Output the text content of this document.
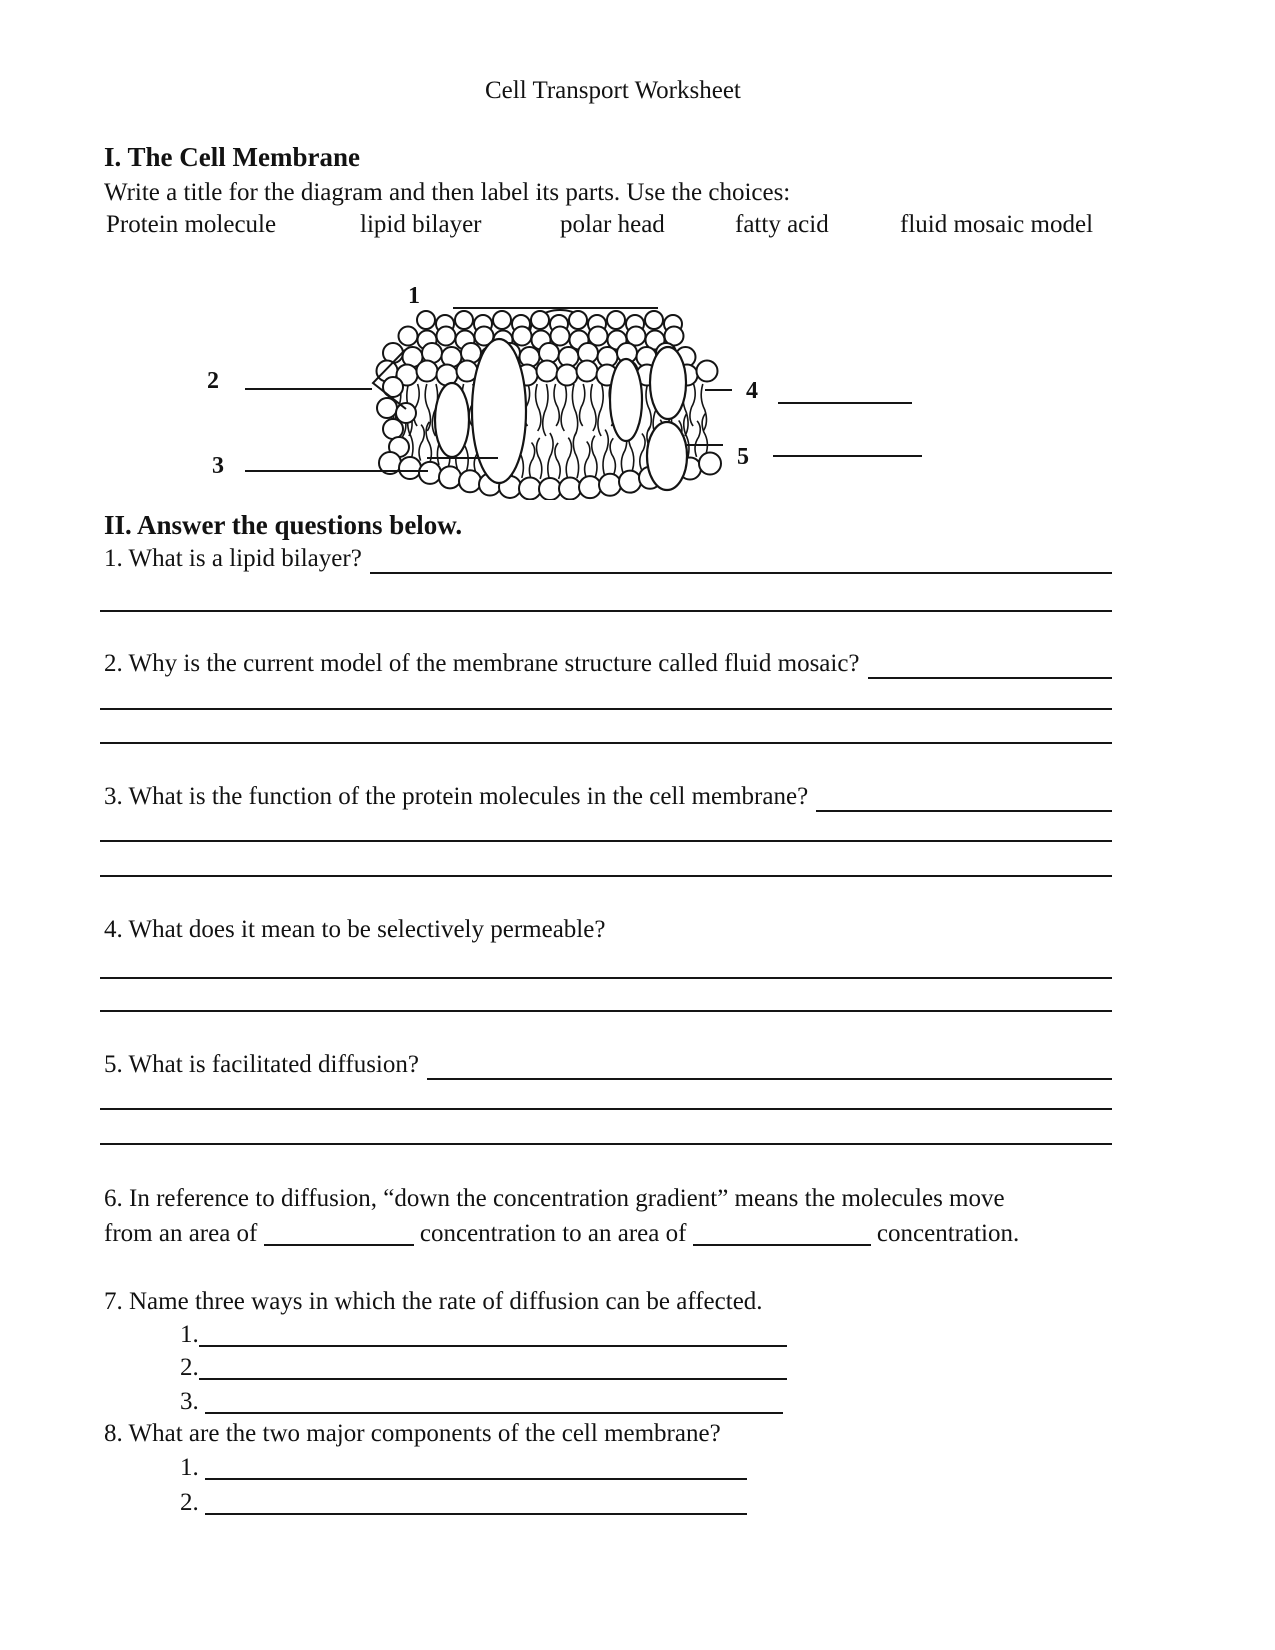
Cell Transport Worksheet
I. The Cell Membrane
Write a title for the diagram and then label its parts. Use the choices:
Protein molecule	lipid bilayer	polar head	fatty acid	fluid mosaic model
1
2
3
4
5
II. Answer the questions below.
1. What is a lipid bilayer?
2. Why is the current model of the membrane structure called fluid mosaic?
3. What is the function of the protein molecules in the cell membrane?
4. What does it mean to be selectively permeable?
5. What is facilitated diffusion?
6. In reference to diffusion, “down the concentration gradient” means the molecules move
from an area of	concentration to an area of	concentration.
7. Name three ways in which the rate of diffusion can be affected.
1.
2.
3.
8. What are the two major components of the cell membrane?
1.
2.
